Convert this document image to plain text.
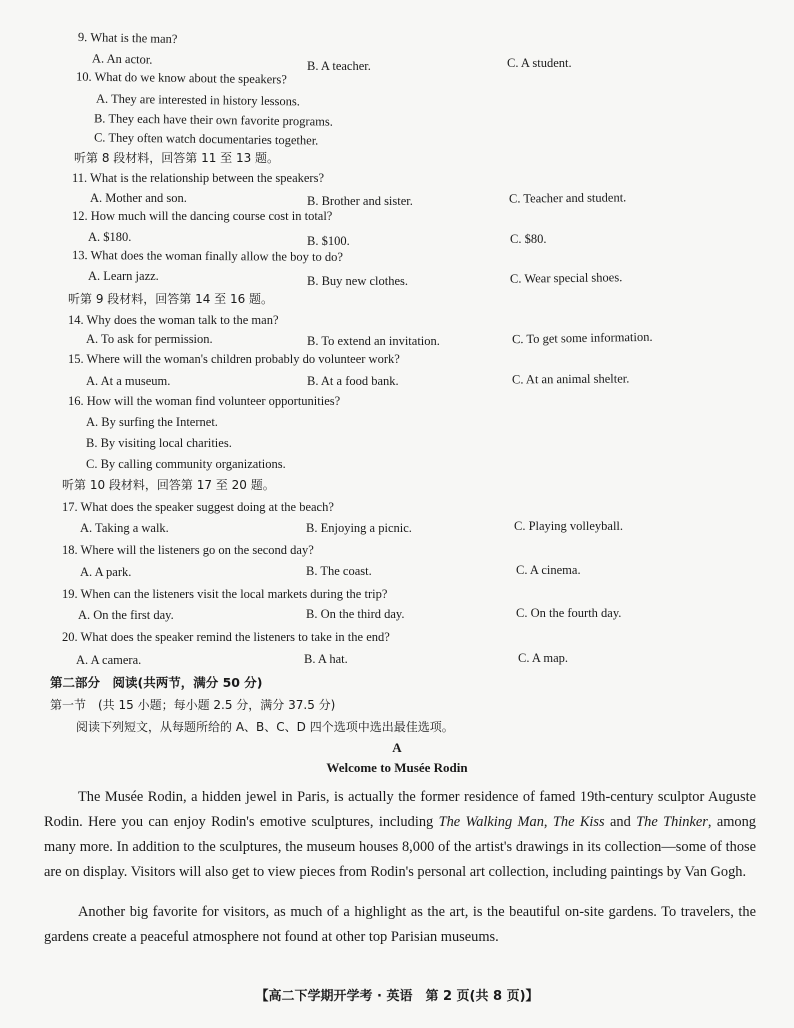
9. What is the man?
A. An actor.	B. A teacher.	C. A student.
10. What do we know about the speakers?
A. They are interested in history lessons.
B. They each have their own favorite programs.
C. They often watch documentaries together.
听第 8 段材料，回答第 11 至 13 题。
11. What is the relationship between the speakers?
A. Mother and son.	B. Brother and sister.	C. Teacher and student.
12. How much will the dancing course cost in total?
A. $180.	B. $100.	C. $80.
13. What does the woman finally allow the boy to do?
A. Learn jazz.	B. Buy new clothes.	C. Wear special shoes.
听第 9 段材料，回答第 14 至 16 题。
14. Why does the woman talk to the man?
A. To ask for permission.	B. To extend an invitation.	C. To get some information.
15. Where will the woman's children probably do volunteer work?
A. At a museum.	B. At a food bank.	C. At an animal shelter.
16. How will the woman find volunteer opportunities?
A. By surfing the Internet.
B. By visiting local charities.
C. By calling community organizations.
听第 10 段材料，回答第 17 至 20 题。
17. What does the speaker suggest doing at the beach?
A. Taking a walk.	B. Enjoying a picnic.	C. Playing volleyball.
18. Where will the listeners go on the second day?
A. A park.	B. The coast.	C. A cinema.
19. When can the listeners visit the local markets during the trip?
A. On the first day.	B. On the third day.	C. On the fourth day.
20. What does the speaker remind the listeners to take in the end?
A. A camera.	B. A hat.	C. A map.
第二部分　阅读(共两节，满分 50 分)
第一节　(共 15 小题；每小题 2.5 分，满分 37.5 分)
阅读下列短文，从每题所给的 A、B、C、D 四个选项中选出最佳选项。
A
Welcome to Musée Rodin
The Musée Rodin, a hidden jewel in Paris, is actually the former residence of famed 19th-century sculptor Auguste Rodin. Here you can enjoy Rodin's emotive sculptures, including The Walking Man, The Kiss and The Thinker, among many more. In addition to the sculptures, the museum houses 8,000 of the artist's drawings in its collection—some of those are on display. Visitors will also get to view pieces from Rodin's personal art collection, including paintings by Van Gogh.
Another big favorite for visitors, as much of a highlight as the art, is the beautiful on-site gardens. To travelers, the gardens create a peaceful atmosphere not found at other top Parisian museums.
【高二下学期开学考 · 英语　第 2 页(共 8 页)】
